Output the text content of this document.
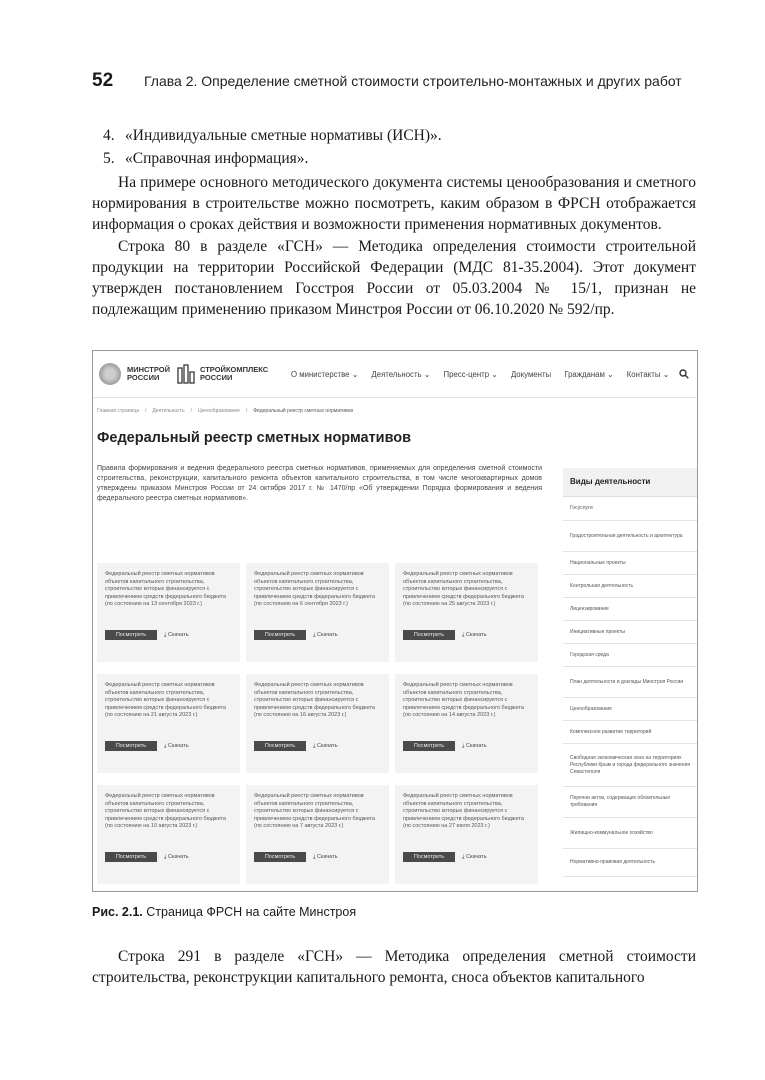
52 Глава 2. Определение сметной стоимости строительно-монтажных и других работ
4. «Индивидуальные сметные нормативы (ИСН)».
5. «Справочная информация».

На примере основного методического документа системы ценообразования и сметного нормирования в строительстве можно посмотреть, каким образом в ФРСН отображается информация о сроках действия и возможности применения нормативных документов.

Строка 80 в разделе «ГСН» — Методика определения стоимости строительной продукции на территории Российской Федерации (МДС 81-35.2004). Этот документ утвержден постановлением Госстроя России от 05.03.2004 № 15/1, признан не подлежащим применению приказом Минстроя России от 06.10.2020 № 592/пр.

МИНСТРОЙ
РОССИИ
СТРОЙКОМПЛЕКС
РОССИИ	О министерстве ⌄ Деятельность ⌄ Пресс-центр ⌄ Документы Гражданам ⌄ Контакты ⌄
Главная страница / Деятельность / Ценообразование / Федеральный реестр сметных нормативов
Федеральный реестр сметных нормативов
Правила формирования и ведения федерального реестра сметных нормативов, применяемых для определения сметной стоимости строительства, реконструкции, капитального ремонта объектов капитального строительства, в том числе многоквартирных домов утверждены приказом Минстроя России от 24 октября 2017 г. № 1470/пр «Об утверждении Порядка формирования и ведения федерального реестра сметных нормативов».
Федеральный реестр сметных нормативов объектов капитального строительства, строительство которых финансируется с привлечением средств федерального бюджета (по состоянию на 13 сентября 2023 г.)
Посмотреть	⤓ Скачать
Федеральный реестр сметных нормативов объектов капитального строительства, строительство которых финансируется с привлечением средств федерального бюджета (по состоянию на 6 сентября 2023 г.)
Посмотреть	⤓ Скачать
Федеральный реестр сметных нормативов объектов капитального строительства, строительство которых финансируется с привлечением средств федерального бюджета (по состоянию на 25 августа 2023 г.)
Посмотреть	⤓ Скачать
Федеральный реестр сметных нормативов объектов капитального строительства, строительство которых финансируется с привлечением средств федерального бюджета (по состоянию на 21 августа 2023 г.)
Посмотреть	⤓ Скачать
Федеральный реестр сметных нормативов объектов капитального строительства, строительство которых финансируется с привлечением средств федерального бюджета (по состоянию на 16 августа 2023 г.)
Посмотреть	⤓ Скачать
Федеральный реестр сметных нормативов объектов капитального строительства, строительство которых финансируется с привлечением средств федерального бюджета (по состоянию на 14 августа 2023 г.)
Посмотреть	⤓ Скачать
Федеральный реестр сметных нормативов объектов капитального строительства, строительство которых финансируется с привлечением средств федерального бюджета (по состоянию на 10 августа 2023 г.)
Посмотреть	⤓ Скачать
Федеральный реестр сметных нормативов объектов капитального строительства, строительство которых финансируется с привлечением средств федерального бюджета (по состоянию на 7 августа 2023 г.)
Посмотреть	⤓ Скачать
Федеральный реестр сметных нормативов объектов капитального строительства, строительство которых финансируется с привлечением средств федерального бюджета (по состоянию на 27 июля 2023 г.)
Посмотреть	⤓ Скачать
Виды деятельности
Госуслуги
Градостроительная деятельность и архитектура
Национальные проекты
Контрольная деятельность
Лицензирование
Инициативные проекты
Городская среда
План деятельности и доклады Минстроя России
Ценообразование
Комплексное развитие территорий
Свободная экономическая зона на территориях Республики Крым и города федерального значения Севастополя
Перечни актов, содержащих обязательные требования
Жилищно-коммунальное хозяйство
Нормативно-правовая деятельность
Рис. 2.1. Страница ФРСН на сайте Минстроя

Строка 291 в разделе «ГСН» — Методика определения сметной стоимости строительства, реконструкции капитального ремонта, сноса объектов капитального
